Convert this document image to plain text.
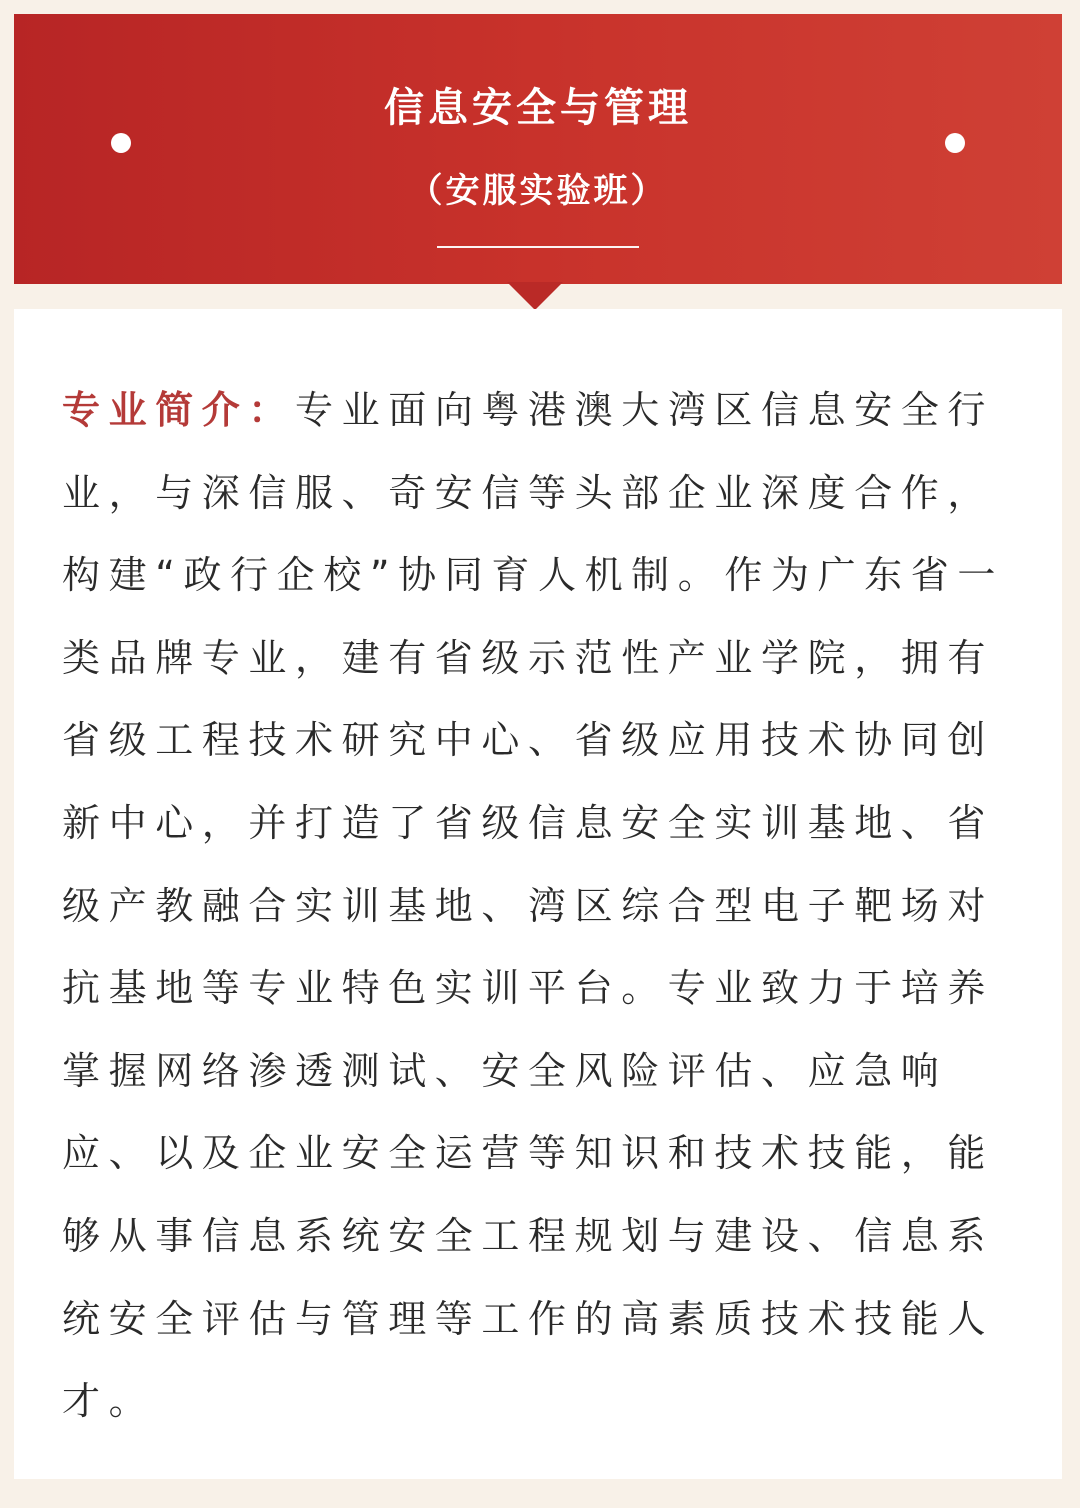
信息安全与管理
（安服实验班）
专业简介：专业面向粤港澳大湾区信息安全行业，与深信服、奇安信等头部企业深度合作，构建“政行企校”协同育人机制。作为广东省一类品牌专业，建有省级示范性产业学院，拥有省级工程技术研究中心、省级应用技术协同创新中心，并打造了省级信息安全实训基地、省级产教融合实训基地、湾区综合型电子靶场对抗基地等专业特色实训平台。专业致力于培养掌握网络渗透测试、安全风险评估、应急响应、以及企业安全运营等知识和技术技能，能够从事信息系统安全工程规划与建设、信息系统安全评估与管理等工作的高素质技术技能人才。
